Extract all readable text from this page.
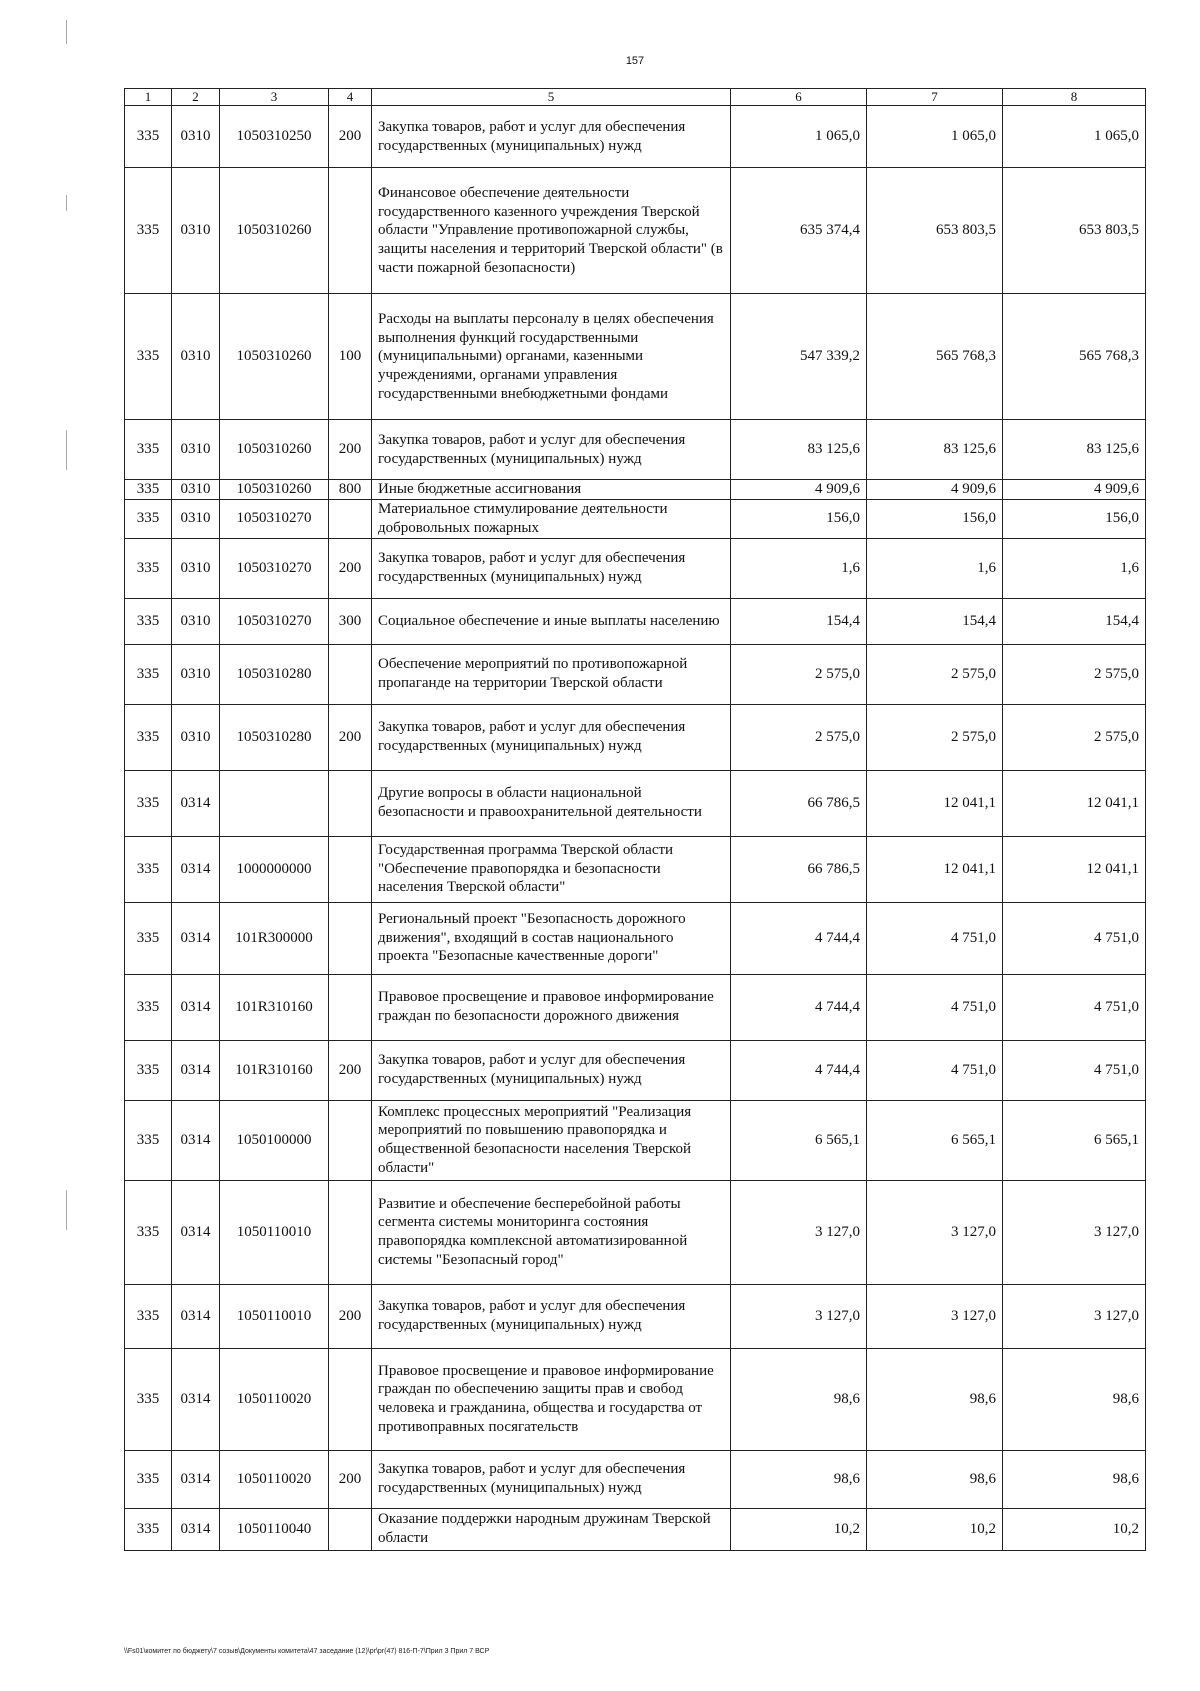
157
1	2	3	4	5	6	7	8
335	0310	1050310250	200	Закупка товаров, работ и услуг для обеспечения государственных (муниципальных) нужд	1 065,0	1 065,0	1 065,0
335	0310	1050310260		Финансовое обеспечение деятельности государственного казенного учреждения Тверской области "Управление противопожарной службы, защиты населения и территорий Тверской области" (в части пожарной безопасности)	635 374,4	653 803,5	653 803,5
335	0310	1050310260	100	Расходы на выплаты персоналу в целях обеспечения выполнения функций государственными (муниципальными) органами, казенными учреждениями, органами управления государственными внебюджетными фондами	547 339,2	565 768,3	565 768,3
335	0310	1050310260	200	Закупка товаров, работ и услуг для обеспечения государственных (муниципальных) нужд	83 125,6	83 125,6	83 125,6
335	0310	1050310260	800	Иные бюджетные ассигнования	4 909,6	4 909,6	4 909,6
335	0310	1050310270		Материальное стимулирование деятельности добровольных пожарных	156,0	156,0	156,0
335	0310	1050310270	200	Закупка товаров, работ и услуг для обеспечения государственных (муниципальных) нужд	1,6	1,6	1,6
335	0310	1050310270	300	Социальное обеспечение и иные выплаты населению	154,4	154,4	154,4
335	0310	1050310280		Обеспечение мероприятий по противопожарной пропаганде на территории Тверской области	2 575,0	2 575,0	2 575,0
335	0310	1050310280	200	Закупка товаров, работ и услуг для обеспечения государственных (муниципальных) нужд	2 575,0	2 575,0	2 575,0
335	0314			Другие вопросы в области национальной безопасности и правоохранительной деятельности	66 786,5	12 041,1	12 041,1
335	0314	1000000000		Государственная программа Тверской области "Обеспечение правопорядка и безопасности населения Тверской области"	66 786,5	12 041,1	12 041,1
335	0314	101R300000		Региональный проект "Безопасность дорожного движения", входящий в состав национального проекта "Безопасные качественные дороги"	4 744,4	4 751,0	4 751,0
335	0314	101R310160		Правовое просвещение и правовое информирование граждан по безопасности дорожного движения	4 744,4	4 751,0	4 751,0
335	0314	101R310160	200	Закупка товаров, работ и услуг для обеспечения государственных (муниципальных) нужд	4 744,4	4 751,0	4 751,0
335	0314	1050100000		Комплекс процессных мероприятий "Реализация мероприятий по повышению правопорядка и общественной безопасности населения Тверской области"	6 565,1	6 565,1	6 565,1
335	0314	1050110010		Развитие и обеспечение бесперебойной работы сегмента системы мониторинга состояния правопорядка комплексной автоматизированной системы "Безопасный город"	3 127,0	3 127,0	3 127,0
335	0314	1050110010	200	Закупка товаров, работ и услуг для обеспечения государственных (муниципальных) нужд	3 127,0	3 127,0	3 127,0
335	0314	1050110020		Правовое просвещение и правовое информирование граждан по обеспечению защиты прав и свобод человека и гражданина, общества и государства от противоправных посягательств	98,6	98,6	98,6
335	0314	1050110020	200	Закупка товаров, работ и услуг для обеспечения государственных (муниципальных) нужд	98,6	98,6	98,6
335	0314	1050110040		Оказание поддержки народным дружинам Тверской области	10,2	10,2	10,2
\\Fs01\комитет по бюджету\7 созыв\Документы комитета\47 заседание (12)\pr\pr(47) 816-П-7\Прил 3 Прил 7 ВСР
